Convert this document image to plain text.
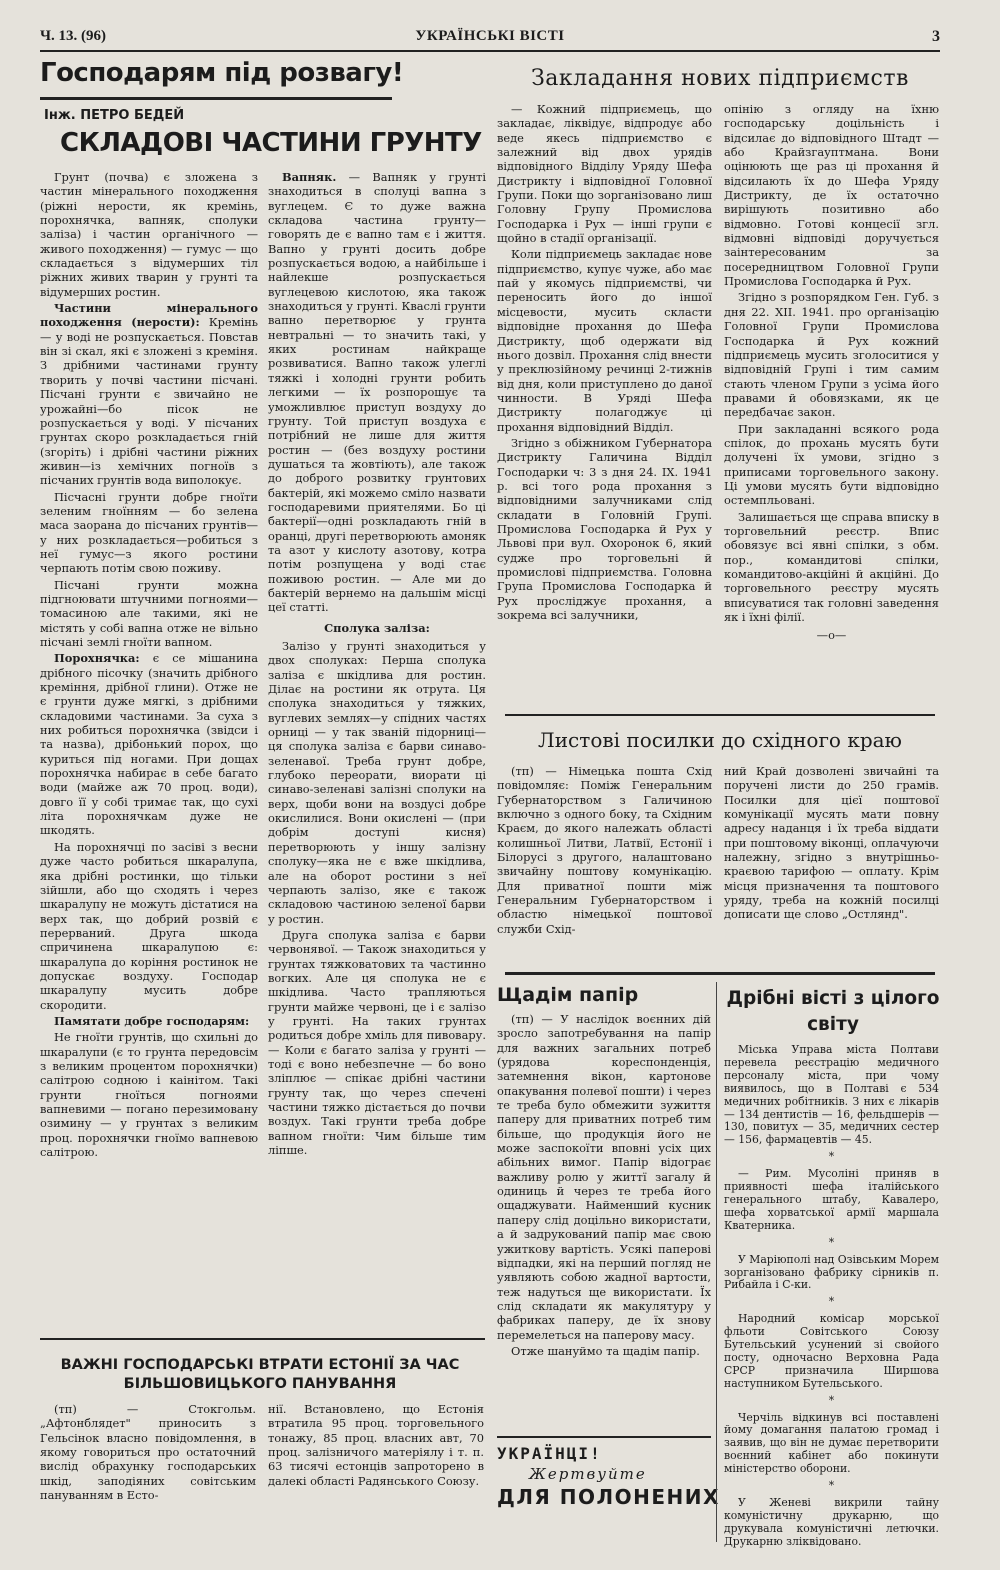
УКРАЇНСЬКІ ВІСТІ
Ч. 13. (96)	3
Господарям під розвагу!
Інж. ПЕТРО БЕДЕЙ
СКЛАДОВІ ЧАСТИНИ ГРУНТУ

Грунт (почва) є зложена з частин мінерального походження (ріжні нерости, як кремінь, порохнячка, вапняк, сполуки заліза) і частин органічного — живого походження) — гумус — що складається з відумерших тіл ріжних живих тварин у грунті та відумерших ростин.

Частини мінерального походження (нерости): Кремінь — у воді не розпускається. Повстав він зі скал, які є зложені з креміня. З дрібними частинами грунту творить у почві частини пісчані. Пісчані грунти є звичайно не урожайні—бо пісок не розпускається у воді. У пісчаних грунтах скоро розкладається гній (згоріть) і дрібні частини ріжних живин—із хемічних погноїв з пісчаних грунтів вода виполокує.

Пісчасні грунти добре гноїти зеленим гноїнням — бо зелена маса заорана до пісчаних грунтів—у них розкладається—робиться з неї гумус—з якого ростини черпають потім свою поживу.

Пісчані грунти можна підгноювати штучними погноями—томасиною але такими, які не містять у собі вапна отже не вільно пісчані землі гноїти вапном.

Порохнячка: є се мішанина дрібного пісочку (значить дрібного креміння, дрібної глини). Отже не є грунти дуже мягкі, з дрібними складовими частинами. За суха з них робиться порохнячка (звідси і та назва), дрібонький порох, що куриться під ногами. При дощах порохнячка набирає в себе багато води (майже аж 70 проц. води), довго її у собі тримає так, що сухі літа порохнячкам дуже не шкодять.

На порохнячці по засіві з весни дуже часто робиться шкаралупа, яка дрібні ростинки, що тільки зійшли, або що сходять і через шкаралупу не можуть дістатися на верх так, що добрий розвій є перерваний. Друга шкода спричинена шкаралупою є: шкаралупа до коріння ростинок не допускає воздуху. Господар шкаралупу мусить добре скородити.

Памятати добре господарям:

Не гноїти грунтів, що схильні до шкаралупи (є то грунта передовсім з великим процентом порохнячки) салітрою содною і каінітом. Такі грунти гноїться погноями вапневими — погано перезимовану озимину — у грунтах з великим проц. порохнячки гноїмо вапневою салітрою.

Вапняк. — Вапняк у грунті знаходиться в сполуці вапна з вуглецем. Є то дуже важна складова частина грунту— говорять де є вапно там є і життя. Вапно у грунті досить добре розпускається водою, а найбільше і найлекше розпускається вуглецевою кислотою, яка також знаходиться у грунті. Кваслі грунти вапно перетворює у грунта невтральні — то значить такі, у яких ростинам найкраще розвиватися. Вапно також улеглі тяжкі і холодні грунти робить легкими — їх розпорошує та уможливлює приступ воздуху до грунту. Той приступ воздуха є потрібний не лише для життя ростин — (без воздуху ростини душаться та жовтіють), але також до доброго розвитку грунтових бактерій, які можемо сміло назвати господаревими приятелями. Бо ці бактерії—одні розкладають гній в оранці, другі перетворюють амоняк та азот у кислоту азотову, котра потім розпущена у воді стає поживою ростин. — Але ми до бактерій вернемо на дальшім місці цеї статті.

Сполука заліза:

Залізо у грунті знаходиться у двох сполуках: Перша сполука заліза є шкідлива для ростин. Ділає на ростини як отрута. Ця сполука знаходиться у тяжких, вуглевих землях—у спідних частях орниці — у так званій підорниці—ця сполука заліза є барви синаво-зеленавої. Треба грунт добре, глубоко переорати, виорати ці синаво-зеленаві залізні сполуки на верх, щоби вони на воздусі добре окислилися. Вони окислені — (при добрім доступі кисня) перетворюють у іншу залізну сполуку—яка не є вже шкідлива, але на оборот ростини з неї черпають залізо, яке є також складовою частиною зеленої барви у ростин.

Друга сполука заліза є барви червонявої. — Також знаходиться у грунтах тяжковатових та частинно вогких. Але ця сполука не є шкідлива. Часто трапляються грунти майже червоні, це і є залізо у грунті. На таких грунтах родиться добре хміль для пивовару. — Коли є багато заліза у грунті — тоді є воно небезпечне — бо воно зліплює — спікає дрібні частини грунту так, що через спечені частини тяжко дістається до почви воздух. Такі грунти треба добре вапном гноїти: Чим більше тим ліпше.

ВАЖНІ ГОСПОДАРСЬКІ ВТРАТИ ЕСТОНІЇ ЗА ЧАС БІЛЬШОВИЦЬКОГО ПАНУВАННЯ

(тп) — Стокгольм. „Афтонблядет" приносить з Гельсінок власно повідомлення, в якому говориться про остаточний вислід обрахунку господарських шкід, заподіяних совітським пануванням в Есто-

нії. Встановлено, що Естонія втратила 95 проц. торговельного тонажу, 85 проц. власних авт, 70 проц. залізничого матеріялу і т. п. 63 тисячі естонців запроторено в далекі області Радянського Союзу.

Закладання нових підприємств

— Кожний підприємець, що закладає, ліквідує, відпродує або веде якесь підприємство є залежний від двох урядів відповідного Відділу Уряду Шефа Дистрикту і відповідної Головної Групи. Поки що зорганізовано лиш Головну Групу Промислова Господарка і Рух — інші групи є щойно в стадії організації.

Коли підприємець закладає нове підприємство, купує чуже, або має пай у якомусь підприємстві, чи переносить його до іншої місцевости, мусить скласти відповідне прохання до Шефа Дистрикту, щоб одержати від нього дозвіл. Прохання слід внести у преклюзійному речинці 2-тижнів від дня, коли приступлено до даної чинности. В Уряді Шефа Дистрикту полагоджує ці прохання відповідний Відділ.

Згідно з обіжником Губернатора Дистрикту Галичина Відділ Господарки ч: 3 з дня 24. IX. 1941 р. всі того рода прохання з відповідними залучниками слід складати в Головній Групі. Промислова Господарка й Рух у Львові при вул. Охоронок 6, який судже про торговельні й промислові підприємства. Головна Група Промислова Господарка й Рух просліджує прохання, а зокрема всі залучники,

опінію з огляду на їхню господарську доцільність і відсилає до відповідного Штадт — або Крайзгауптмана. Вони оцінюють ще раз ці прохання й відсилають їх до Шефа Уряду Дистрикту, де їх остаточно вирішують позитивно або відмовно. Готові концесії згл. відмовні відповіді доручується заінтересованим за посередництвом Головної Групи Промислова Господарка й Рух.

Згідно з розпорядком Ген. Губ. з дня 22. XII. 1941. про організацію Головної Групи Промислова Господарка й Рух кожний підприємець мусить зголоситися у відповідній Групі і тим самим стають членом Групи з усіма його правами й обовязками, як це передбачає закон.

При закладанні всякого рода спілок, до прохань мусять бути долучені їх умови, згідно з приписами торговельного закону. Ці умови мусять бути відповідно остемпльовані.

Залишається ще справа вписку в торговельний реєстр. Впис обовязує всі явні спілки, з обм. пор., командитові спілки, командитово-акційні й акційні. До торговельного реєстру мусять вписуватися так головні заведення як і їхні філії.

—о—

Листові посилки до східного краю

(тп) — Німецька пошта Схід повідомляє: Поміж Генеральним Губернаторством з Галичиною включно з одного боку, та Східним Краєм, до якого належать області колишньої Литви, Латвії, Естонії і Білорусі з другого, налаштовано звичайну поштову комунікацію. Для приватної пошти між Генеральним Губернаторством і областю німецької поштової служби Схід-

ний Край дозволені звичайні та поручені листи до 250 грамів. Посилки для цієї поштової комунікації мусять мати повну адресу наданця і їх треба віддати при поштовому віконці, оплачуючи належну, згідно з внутрішньо-краєвою тарифою — оплату. Крім місця призначення та поштового уряду, треба на кожній посилці дописати ще слово „Остлянд".

Щадім папір

(тп) — У наслідок воєнних дій зросло запотребування на папір для важних загальних потреб (урядова кореспонденція, затемнення вікон, картонове опакування полевої пошти) і через те треба було обмежити зужиття паперу для приватних потреб тим більше, що продукція його не може заспокоїти вповні усіх цих абільних вимог. Папір відограє важливу ролю у життї загалу й одиниць й через те треба його ощаджувати. Найменший кусник паперу слід доцільно використати, а й задрукований папір має свою ужиткову вартість. Усякі паперові відпадки, які на перший погляд не уявляють собою жадної вартости, теж надуться ще використати. Їх слід складати як макулятуру у фабриках паперу, де їх знову перемелеться на паперову масу.

Отже шануймо та щадім папір.

УКРАЇНЦІ!
Жертвуйте
ДЛЯ ПОЛОНЕНИХ
Дрібні вісті з цілого світу

Міська Управа міста Полтави перевела реєстрацію медичного персоналу міста, при чому виявилось, що в Полтаві є 534 медичних робітників. З них є лікарів — 134 дентистів — 16, фельдшерів — 130, повитух — 35, медичних сестер — 156, фармацевтів — 45.

*

— Рим. Мусоліні приняв в приявності шефа італійського генерального штабу, Кавалеро, шефа хорватської армії маршала Кватерника.

*

У Маріюполі над Озівським Морем зорганізовано фабрику сірників п. Рибайла і С-ки.

*

Народний комісар морської фльоти Совітського Союзу Бутельський усунений зі свойого посту, одночасно Верховна Рада СРСР призначила Ширшова наступником Бутельського.

*

Черчіль відкинув всі поставлені йому домагання палатою громад і заявив, що він не думає перетворити воєнний кабінет або покинути міністерство оборони.

*

У Женеві викрили тайну комуністичну друкарню, що друкувала комуністичні летючки. Друкарню зліквідовано.
